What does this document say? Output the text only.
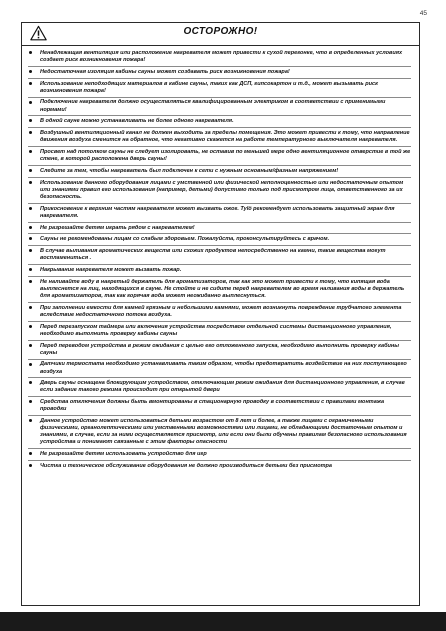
45
ОСТОРОЖНО!
Ненадлежащая вентиляция или расположение нагревателя может привести к сухой перегонке, что в определенных условиях создает риск возникновения пожара!
Недостаточная изоляция кабины сауны может создавать риск возникновения пожара!
Использование неподходящих материалов в кабине сауны, таких как ДСП, гипсокартон и т.д., может вызывать риск возникновения пожара!
Подключение нагревателя должно осуществляться квалифицированным электриком в соответствии с применимыми нормами!
В одной сауне можно устанавливать не более одного нагревателя.
Воздушный вентиляционный канал не должен выходить за пределы помещения. Это может привести к тому, что направление движения воздуха сменится на обратное, что негативно скажется на работе температурного выключателя нагревателя.
Просвет над потолком сауны не следует изолировать, не оставив по меньшей мере одно вентиляционное отверстие в той же стене, в которой расположена дверь сауны!
Следите за тем, чтобы нагреватель был подключен к сети с нужным основным/фазным напряжением!
Использование данного оборудования лицами с умственной или физической неполноценностью или недостаточным опытом или знаниями правил его использования (например, детьми) допустимо только под присмотром лица, ответственного за их безопасность.
Прикосновение к верхним частям нагревателя может вызвать ожог. Tylö рекомендует использовать защитный экран для нагревателя.
Не разрешайте детям играть рядом с нагревателем!
Сауны не рекомендованы лицам со слабым здоровьем. Пожалуйста, проконсультируйтесь с врачом.
В случае выливания ароматических веществ или схожих продуктов непосредственно на камни, такие вещества могут воспламениться .
Накрывание нагревателя может вызвать пожар.
Не наливайте воду в нагретый держатель для ароматизаторов, так как это может привести к тому, что кипящая вода выплеснется на лиц, находящихся в сауне. Не стойте и не сидите перед нагревателем во время наливания воды в держатель для ароматизаторов, так как горячая вода может неожиданно выплеснуться.
При заполнении емкости для камней грязным и небольшими камнями, может возникнуть повреждение трубчатого элемента вследствие недостаточного потока воздуха.
Перед перезапуском таймера или включения устройства посредством отдельной системы дистанционного управления, необходимо выполнить проверку кабины сауны
Перед переводом устройства в режим ожидания с целью его отложенного запуска, необходимо выполнить проверку кабины сауны
Датчики термостата необходимо устанавливать таким образом, чтобы предотвратить воздействие на них поступающего воздуха
Дверь сауны оснащена блокирующим устройством, отключающим режим ожидания для дистанционного управления, в случае если задание такого режима происходит при открытой двери
Средства отключения должны быть вмонтированы в стационарную проводку в соответствии с правилами монтажа проводки
Данное устройство может использоваться детьми возрастом от 8 лет и более, а также лицами с ограниченными физическими, органолептическими или умственными возможностями или лицами, не обладающими достаточным опытом и знаниями, в случае, если за ними осуществляется присмотр, или если они были обучены правилам безопасного использования устройства и понимают связанные с этим факторы опасности
Не разрешайте детям использовать устройство для игр
Чистка и техническое обслуживание оборудования не должно производиться детьми без присмотра
